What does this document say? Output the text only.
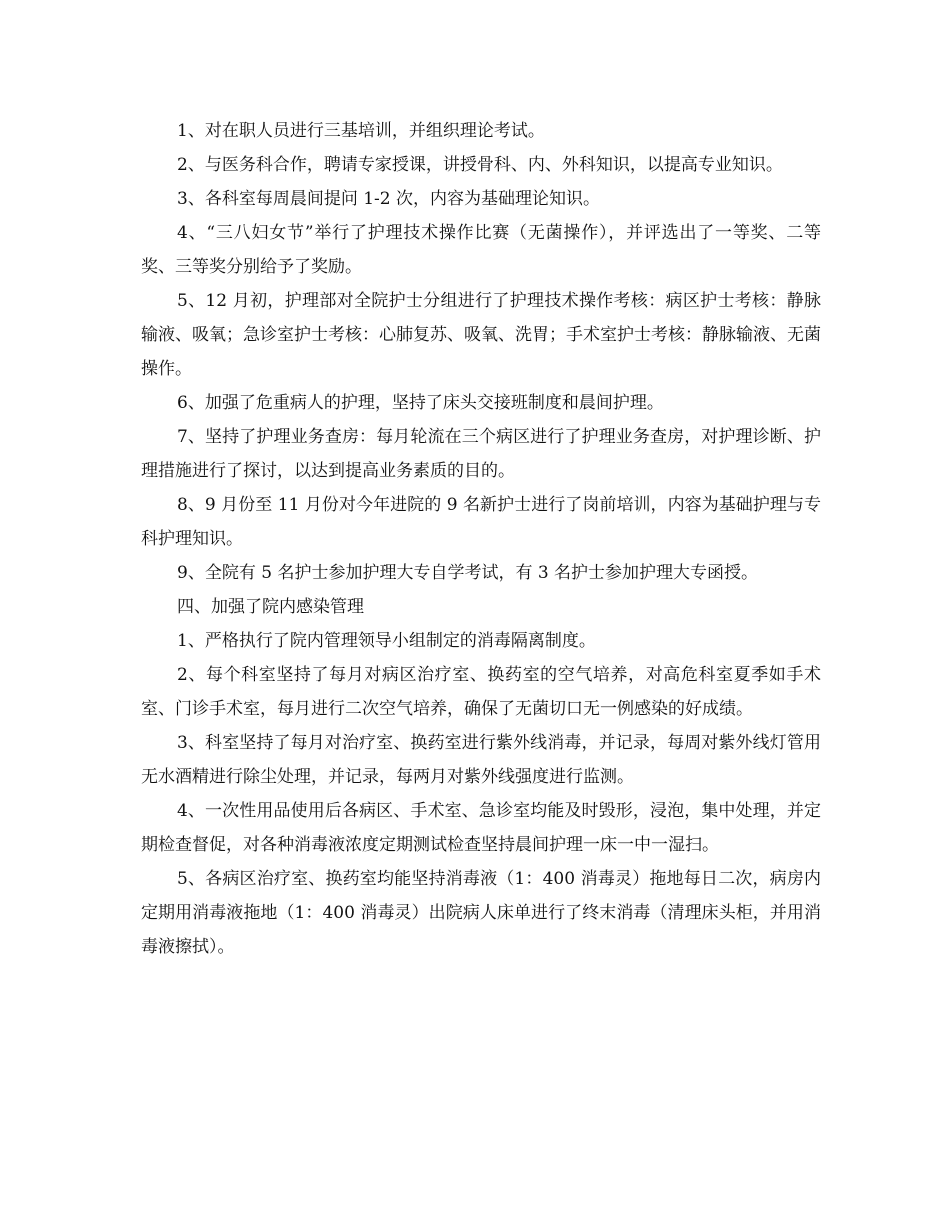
1、对在职人员进行三基培训，并组织理论考试。

2、与医务科合作，聘请专家授课，讲授骨科、内、外科知识，以提高专业知识。

3、各科室每周晨间提问 1-2 次，内容为基础理论知识。

4、“三八妇女节”举行了护理技术操作比赛（无菌操作），并评选出了一等奖、二等奖、三等奖分别给予了奖励。

5、12 月初，护理部对全院护士分组进行了护理技术操作考核：病区护士考核：静脉输液、吸氧；急诊室护士考核：心肺复苏、吸氧、洗胃；手术室护士考核：静脉输液、无菌操作。

6、加强了危重病人的护理，坚持了床头交接班制度和晨间护理。

7、坚持了护理业务查房：每月轮流在三个病区进行了护理业务查房，对护理诊断、护理措施进行了探讨，以达到提高业务素质的目的。

8、9 月份至 11 月份对今年进院的 9 名新护士进行了岗前培训，内容为基础护理与专科护理知识。

9、全院有 5 名护士参加护理大专自学考试，有 3 名护士参加护理大专函授。

四、加强了院内感染管理

1、严格执行了院内管理领导小组制定的消毒隔离制度。

2、每个科室坚持了每月对病区治疗室、换药室的空气培养，对高危科室夏季如手术室、门诊手术室，每月进行二次空气培养，确保了无菌切口无一例感染的好成绩。

3、科室坚持了每月对治疗室、换药室进行紫外线消毒，并记录，每周对紫外线灯管用无水酒精进行除尘处理，并记录，每两月对紫外线强度进行监测。

4、一次性用品使用后各病区、手术室、急诊室均能及时毁形，浸泡，集中处理，并定期检查督促，对各种消毒液浓度定期测试检查坚持晨间护理一床一中一湿扫。

5、各病区治疗室、换药室均能坚持消毒液（1：400 消毒灵）拖地每日二次，病房内定期用消毒液拖地（1：400 消毒灵）出院病人床单进行了终末消毒（清理床头柜，并用消毒液擦拭）。
